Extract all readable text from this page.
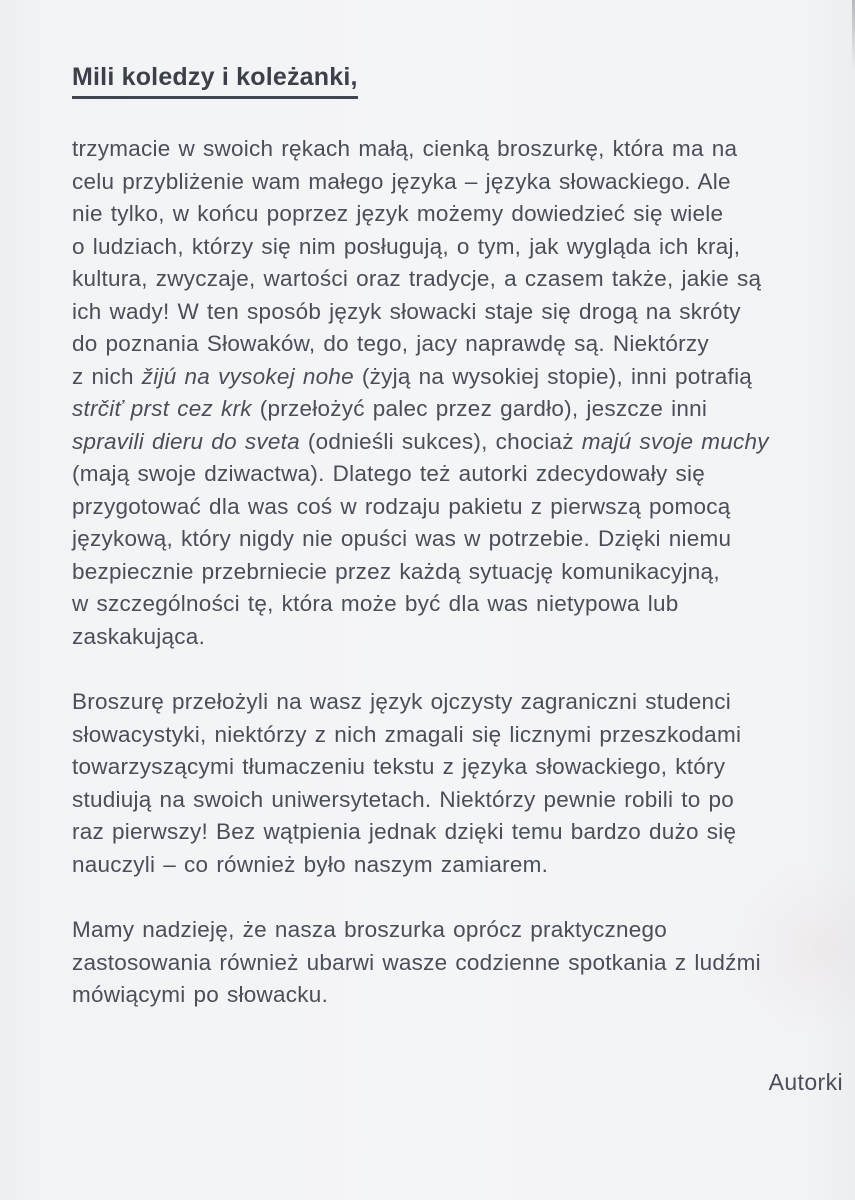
Mili koledzy i koleżanki,
trzymacie w swoich rękach małą, cienką broszurkę, która ma na
celu przybliżenie wam małego języka – języka słowackiego. Ale
nie tylko, w końcu poprzez język możemy dowiedzieć się wiele
o ludziach, którzy się nim posługują, o tym, jak wygląda ich kraj,
kultura, zwyczaje, wartości oraz tradycje, a czasem także, jakie są
ich wady! W ten sposób język słowacki staje się drogą na skróty
do poznania Słowaków, do tego, jacy naprawdę są. Niektórzy
z nich žijú na vysokej nohe (żyją na wysokiej stopie), inni potrafią
strčiť prst cez krk (przełożyć palec przez gardło), jeszcze inni
spravili dieru do sveta (odnieśli sukces), chociaż majú svoje muchy
(mają swoje dziwactwa). Dlatego też autorki zdecydowały się
przygotować dla was coś w rodzaju pakietu z pierwszą pomocą
językową, który nigdy nie opuści was w potrzebie. Dzięki niemu
bezpiecznie przebrniecie przez każdą sytuację komunikacyjną,
w szczególności tę, która może być dla was nietypowa lub
zaskakująca.
Broszurę przełożyli na wasz język ojczysty zagraniczni studenci
słowacystyki, niektórzy z nich zmagali się licznymi przeszkodami
towarzyszącymi tłumaczeniu tekstu z języka słowackiego, który
studiują na swoich uniwersytetach. Niektórzy pewnie robili to po
raz pierwszy! Bez wątpienia jednak dzięki temu bardzo dużo się
nauczyli – co również było naszym zamiarem.
Mamy nadzieję, że nasza broszurka oprócz praktycznego
zastosowania również ubarwi wasze codzienne spotkania z ludźmi
mówiącymi po słowacku.
Autorki
